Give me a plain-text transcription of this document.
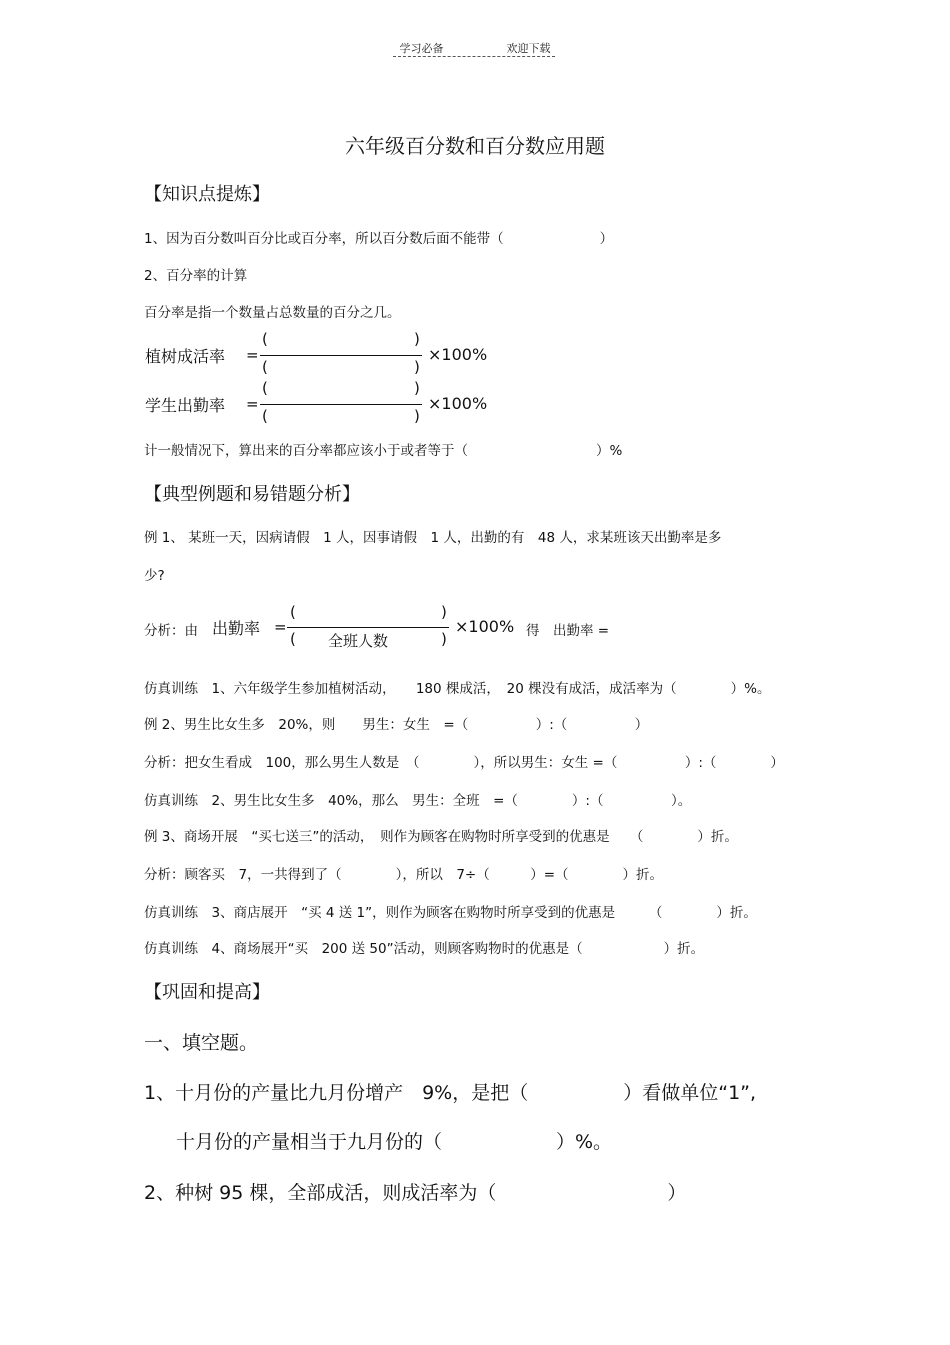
学习必备	欢迎下载
六年级百分数和百分数应用题
【知识点提炼】
1、因为百分数叫百分比或百分率，所以百分数后面不能带（	）
2、百分率的计算
百分率是指一个数量占总数量的百分之几。
植树成活率 =
(	)
(	)
×100%
学生出勤率 =
(	)
(	)
×100%
计一般情况下，算出来的百分率都应该小于或者等于（	）%
【典型例题和易错题分析】
例 1、 某班一天，因病请假　1 人，因事请假　1 人，出勤的有　48 人，求某班该天出勤率是多
少?
分析：由 出勤率 =
(	)
( 全班人数	)
×100% 得　出勤率 =
仿真训练　1、六年级学生参加植树活动，　　180 棵成活，　20 棵没有成活，成活率为（　　　　）%。
例 2、男生比女生多　20%，则　　男生：女生　=（　　　　　）:（　　　　　）
分析：把女生看成　100，那么男生人数是　（　　　　），所以男生：女生 =（　　　　　）:（　　　　）
仿真训练　2、男生比女生多　40%，那么　男生：全班　=（　　　　）:（　　　　　）。
例 3、商场开展　“买七送三”的活动，　则作为顾客在购物时所享受到的优惠是　　（　　　　）折。
分析：顾客买　7，一共得到了（　　　　），所以　7÷（　　　）=（　　　　）折。
仿真训练　3、商店展开　“买 4 送 1”，则作为顾客在购物时所享受到的优惠是　　　（　　　　）折。
仿真训练　4、商场展开“买　200 送 50”活动，则顾客购物时的优惠是（　　　　　　）折。
【巩固和提高】
一、填空题。
1、十月份的产量比九月份增产　9%，是把（　　　　　）看做单位“1”,
十月份的产量相当于九月份的（　　　　　　）%。
2、种树 95 棵，全部成活，则成活率为（　　　　　　　　　）
